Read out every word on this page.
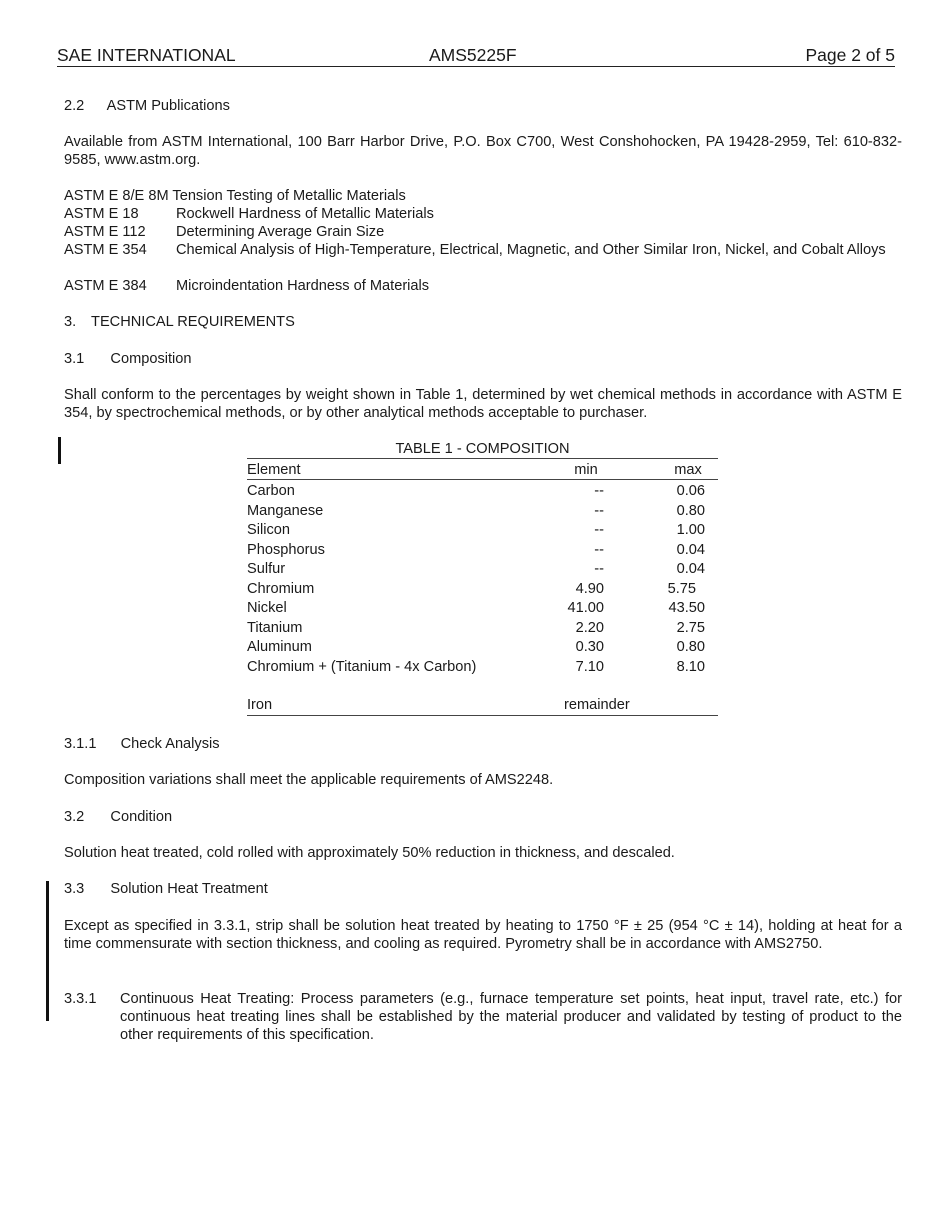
SAE INTERNATIONAL	AMS5225F	Page 2 of 5
2.2 ASTM Publications
Available from ASTM International, 100 Barr Harbor Drive, P.O. Box C700, West Conshohocken, PA 19428-2959, Tel: 610-832-9585, www.astm.org.
ASTM E 8/E 8M Tension Testing of Metallic Materials
ASTM E 18	Rockwell Hardness of Metallic Materials
ASTM E 112 Determining Average Grain Size
ASTM E 354 Chemical Analysis of High-Temperature, Electrical, Magnetic, and Other Similar Iron, Nickel, and Cobalt Alloys
ASTM E 384 Microindentation Hardness of Materials
3. TECHNICAL REQUIREMENTS
3.1 Composition
Shall conform to the percentages by weight shown in Table 1, determined by wet chemical methods in accordance with ASTM E 354, by spectrochemical methods, or by other analytical methods acceptable to purchaser.
TABLE 1 - COMPOSITION
Element	min	max
Carbon	--	0.06
Manganese	--	0.80
Silicon	--	1.00
Phosphorus	--	0.04
Sulfur	--	0.04
Chromium	4.90	5.75
Nickel	41.00	43.50
Titanium	2.20	2.75
Aluminum	0.30	0.80
Chromium + (Titanium - 4x Carbon)	7.10	8.10
Iron	remainder
3.1.1 Check Analysis
Composition variations shall meet the applicable requirements of AMS2248.
3.2 Condition
Solution heat treated, cold rolled with approximately 50% reduction in thickness, and descaled.
3.3 Solution Heat Treatment
Except as specified in 3.3.1, strip shall be solution heat treated by heating to 1750 °F ± 25 (954 °C ± 14), holding at heat for a time commensurate with section thickness, and cooling as required. Pyrometry shall be in accordance with AMS2750.
3.3.1 Continuous Heat Treating: Process parameters (e.g., furnace temperature set points, heat input, travel rate, etc.) for continuous heat treating lines shall be established by the material producer and validated by testing of product to the other requirements of this specification.
